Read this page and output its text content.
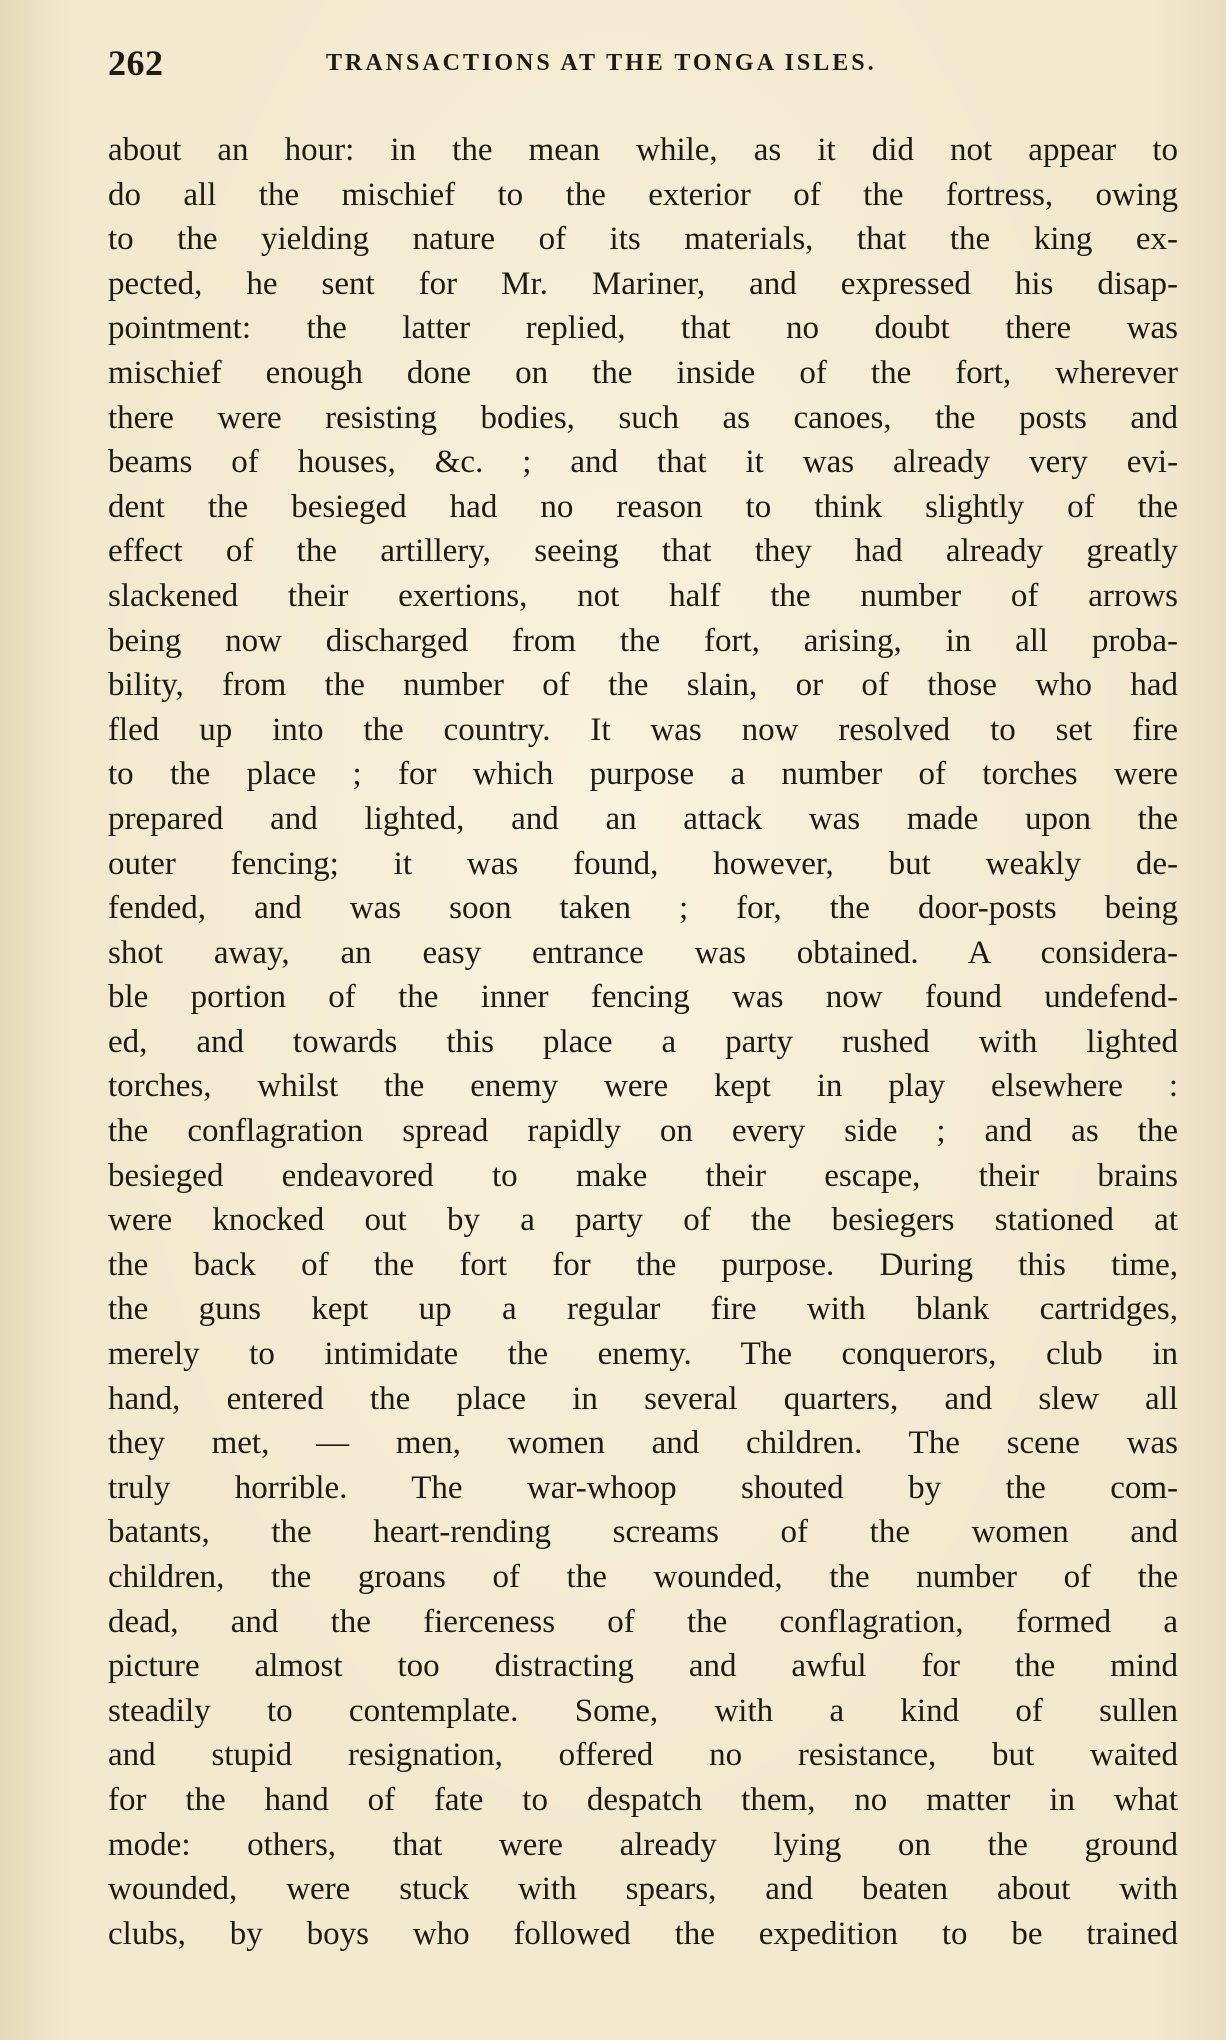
262	TRANSACTIONS AT THE TONGA ISLES.
about an hour: in the mean while, as it did not appear to
do all the mischief to the exterior of the fortress, owing
to the yielding nature of its materials, that the king ex-
pected, he sent for Mr. Mariner, and expressed his disap-
pointment: the latter replied, that no doubt there was
mischief enough done on the inside of the fort, wherever
there were resisting bodies, such as canoes, the posts and
beams of houses, &c. ; and that it was already very evi-
dent the besieged had no reason to think slightly of the
effect of the artillery, seeing that they had already greatly
slackened their exertions, not half the number of arrows
being now discharged from the fort, arising, in all proba-
bility, from the number of the slain, or of those who had
fled up into the country. It was now resolved to set fire
to the place ; for which purpose a number of torches were
prepared and lighted, and an attack was made upon the
outer fencing; it was found, however, but weakly de-
fended, and was soon taken ; for, the door-posts being
shot away, an easy entrance was obtained. A considera-
ble portion of the inner fencing was now found undefend-
ed, and towards this place a party rushed with lighted
torches, whilst the enemy were kept in play elsewhere :
the conflagration spread rapidly on every side ; and as the
besieged endeavored to make their escape, their brains
were knocked out by a party of the besiegers stationed at
the back of the fort for the purpose. During this time,
the guns kept up a regular fire with blank cartridges,
merely to intimidate the enemy. The conquerors, club in
hand, entered the place in several quarters, and slew all
they met, — men, women and children. The scene was
truly horrible. The war-whoop shouted by the com-
batants, the heart-rending screams of the women and
children, the groans of the wounded, the number of the
dead, and the fierceness of the conflagration, formed a
picture almost too distracting and awful for the mind
steadily to contemplate. Some, with a kind of sullen
and stupid resignation, offered no resistance, but waited
for the hand of fate to despatch them, no matter in what
mode: others, that were already lying on the ground
wounded, were stuck with spears, and beaten about with
clubs, by boys who followed the expedition to be trained
